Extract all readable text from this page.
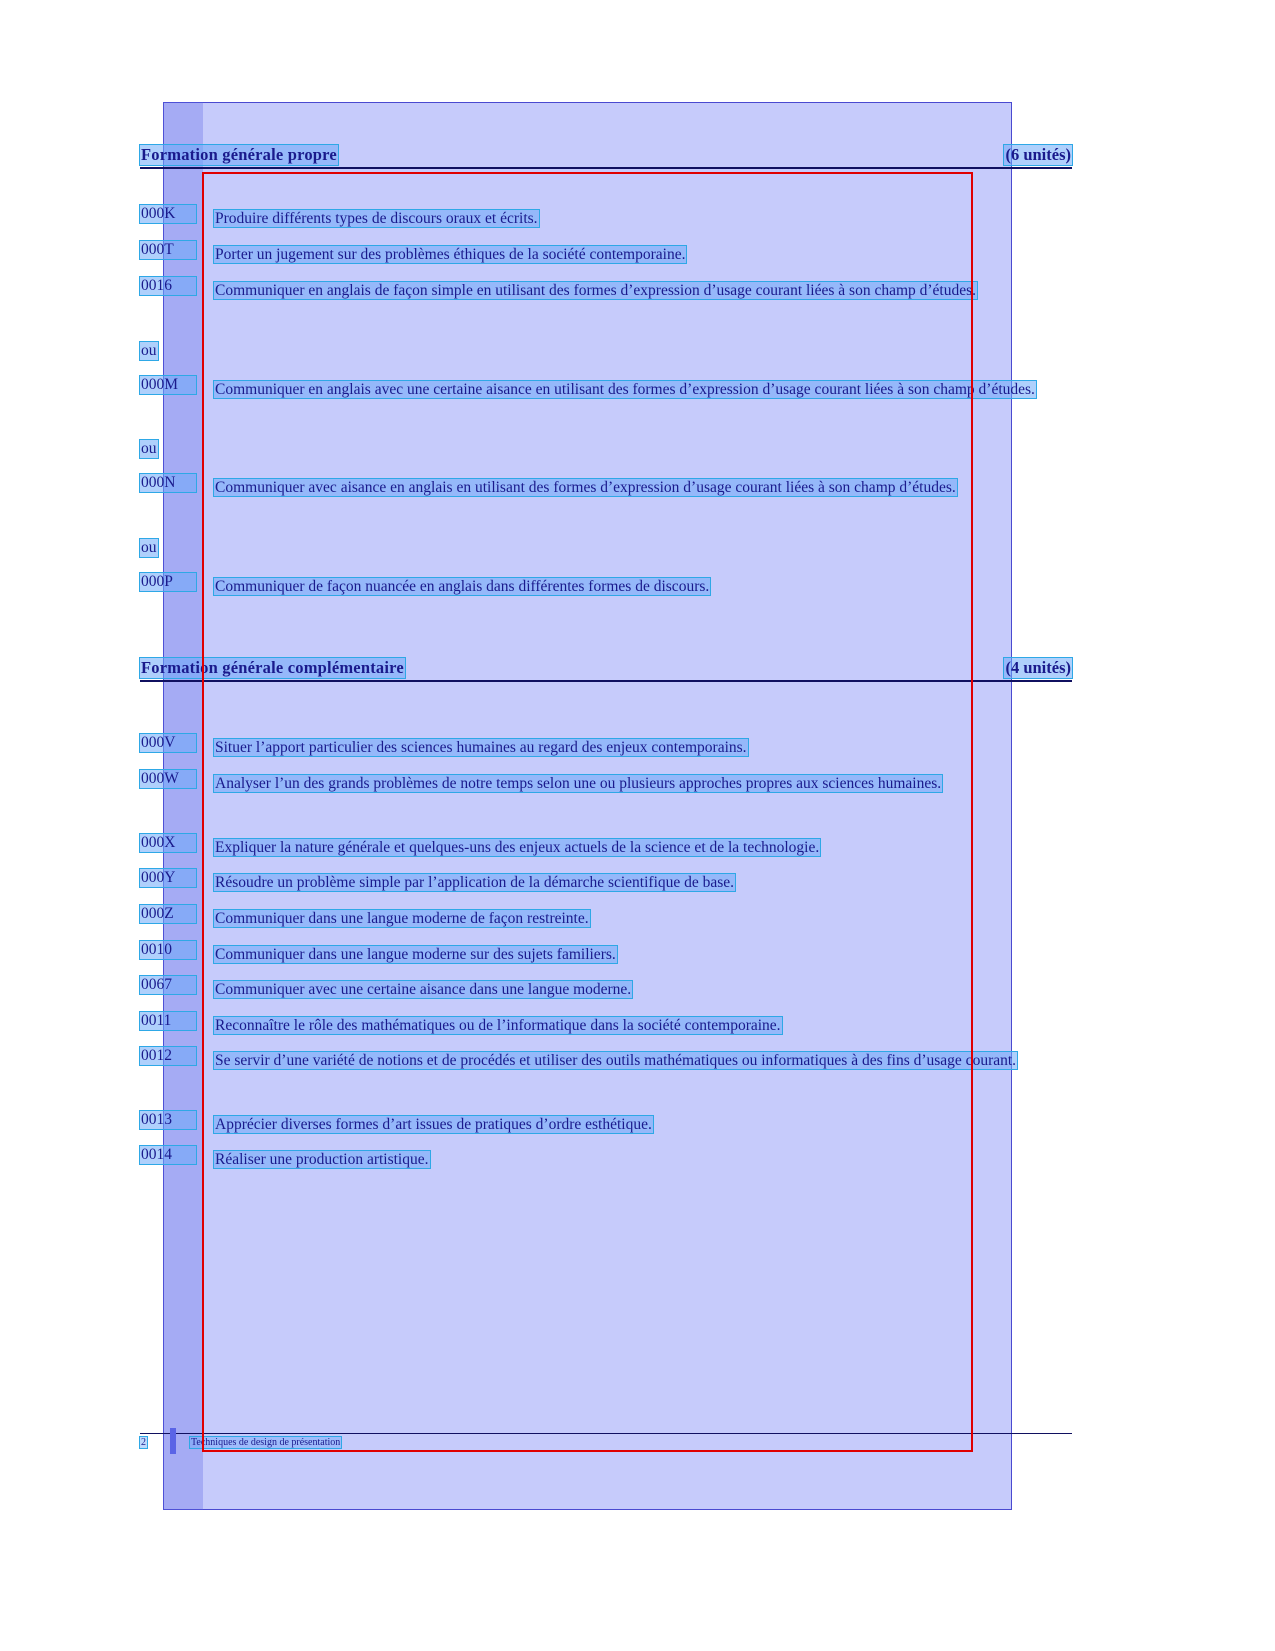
Formation générale propre	(6 unités)
000K	Produire différents types de discours oraux et écrits.
000T	Porter un jugement sur des problèmes éthiques de la société contemporaine.
0016	Communiquer en anglais de façon simple en utilisant des formes d’expression d’usage courant liées à son champ d’études.
ou
000M	Communiquer en anglais avec une certaine aisance en utilisant des formes d’expression d’usage courant liées à son champ d’études.
ou
000N	Communiquer avec aisance en anglais en utilisant des formes d’expression d’usage courant liées à son champ d’études.
ou
000P	Communiquer de façon nuancée en anglais dans différentes formes de discours.
Formation générale complémentaire	(4 unités)
000V	Situer l’apport particulier des sciences humaines au regard des enjeux contemporains.
000W	Analyser l’un des grands problèmes de notre temps selon une ou plusieurs approches propres aux sciences humaines.
000X	Expliquer la nature générale et quelques-uns des enjeux actuels de la science et de la technologie.
000Y	Résoudre un problème simple par l’application de la démarche scientifique de base.
000Z	Communiquer dans une langue moderne de façon restreinte.
0010	Communiquer dans une langue moderne sur des sujets familiers.
0067	Communiquer avec une certaine aisance dans une langue moderne.
0011	Reconnaître le rôle des mathématiques ou de l’informatique dans la société contemporaine.
0012	Se servir d’une variété de notions et de procédés et utiliser des outils mathématiques ou informatiques à des fins d’usage courant.
0013	Apprécier diverses formes d’art issues de pratiques d’ordre esthétique.
0014	Réaliser une production artistique.
2	Techniques de design de présentation
